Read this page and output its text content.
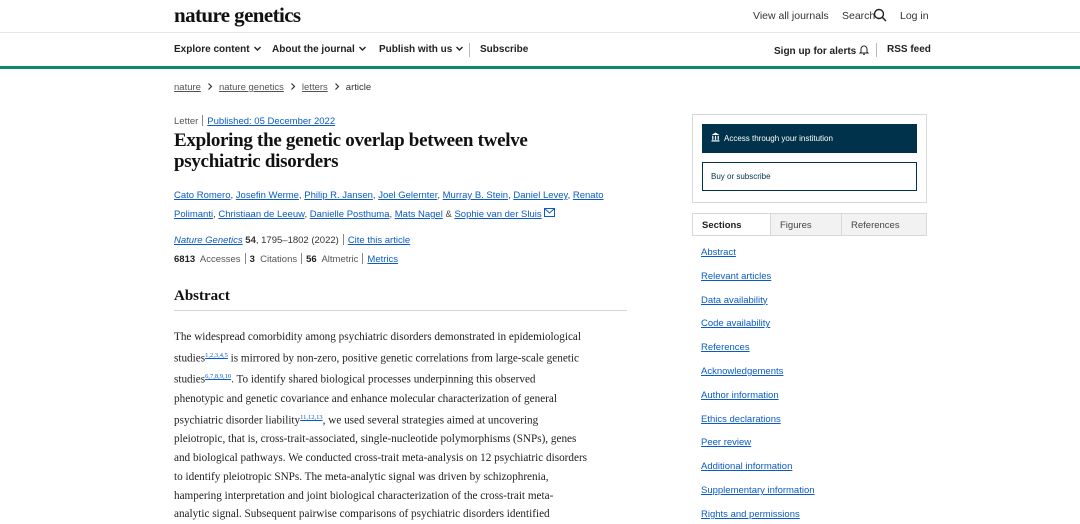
nature genetics	View all journals Search Log in
Explore content	About the journal	Publish with us	Subscribe	Sign up for alerts	RSS feed
nature nature genetics letters article
Letter Published: 05 December 2022
Exploring the genetic overlap between twelve psychiatric disorders
Cato Romero, Josefin Werme, Philip R. Jansen, Joel Gelernter, Murray B. Stein, Daniel Levey, Renato Polimanti, Christiaan de Leeuw, Danielle Posthuma, Mats Nagel & Sophie van der Sluis
Nature Genetics 54, 1795–1802 (2022) Cite this article
6813 Accesses 3 Citations 56 Altmetric Metrics
Abstract
The widespread comorbidity among psychiatric disorders demonstrated in epidemiological
studies$^{1,2,3,4,5}$ is mirrored by non-zero, positive genetic correlations from large-scale genetic
studies$^{6,7,8,9,10}$. To identify shared biological processes underpinning this observed
phenotypic and genetic covariance and enhance molecular characterization of general
psychiatric disorder liability$^{11,12,13}$, we used several strategies aimed at uncovering
pleiotropic, that is, cross-trait-associated, single-nucleotide polymorphisms (SNPs), genes
and biological pathways. We conducted cross-trait meta-analysis on 12 psychiatric disorders
to identify pleiotropic SNPs. The meta-analytic signal was driven by schizophrenia,
hampering interpretation and joint biological characterization of the cross-trait meta-
analytic signal. Subsequent pairwise comparisons of psychiatric disorders identified
Access through your institution
Buy or subscribe
Sections	Figures	References
Abstract
Relevant articles
Data availability
Code availability
References
Acknowledgements
Author information
Ethics declarations
Peer review
Additional information
Supplementary information
Rights and permissions
